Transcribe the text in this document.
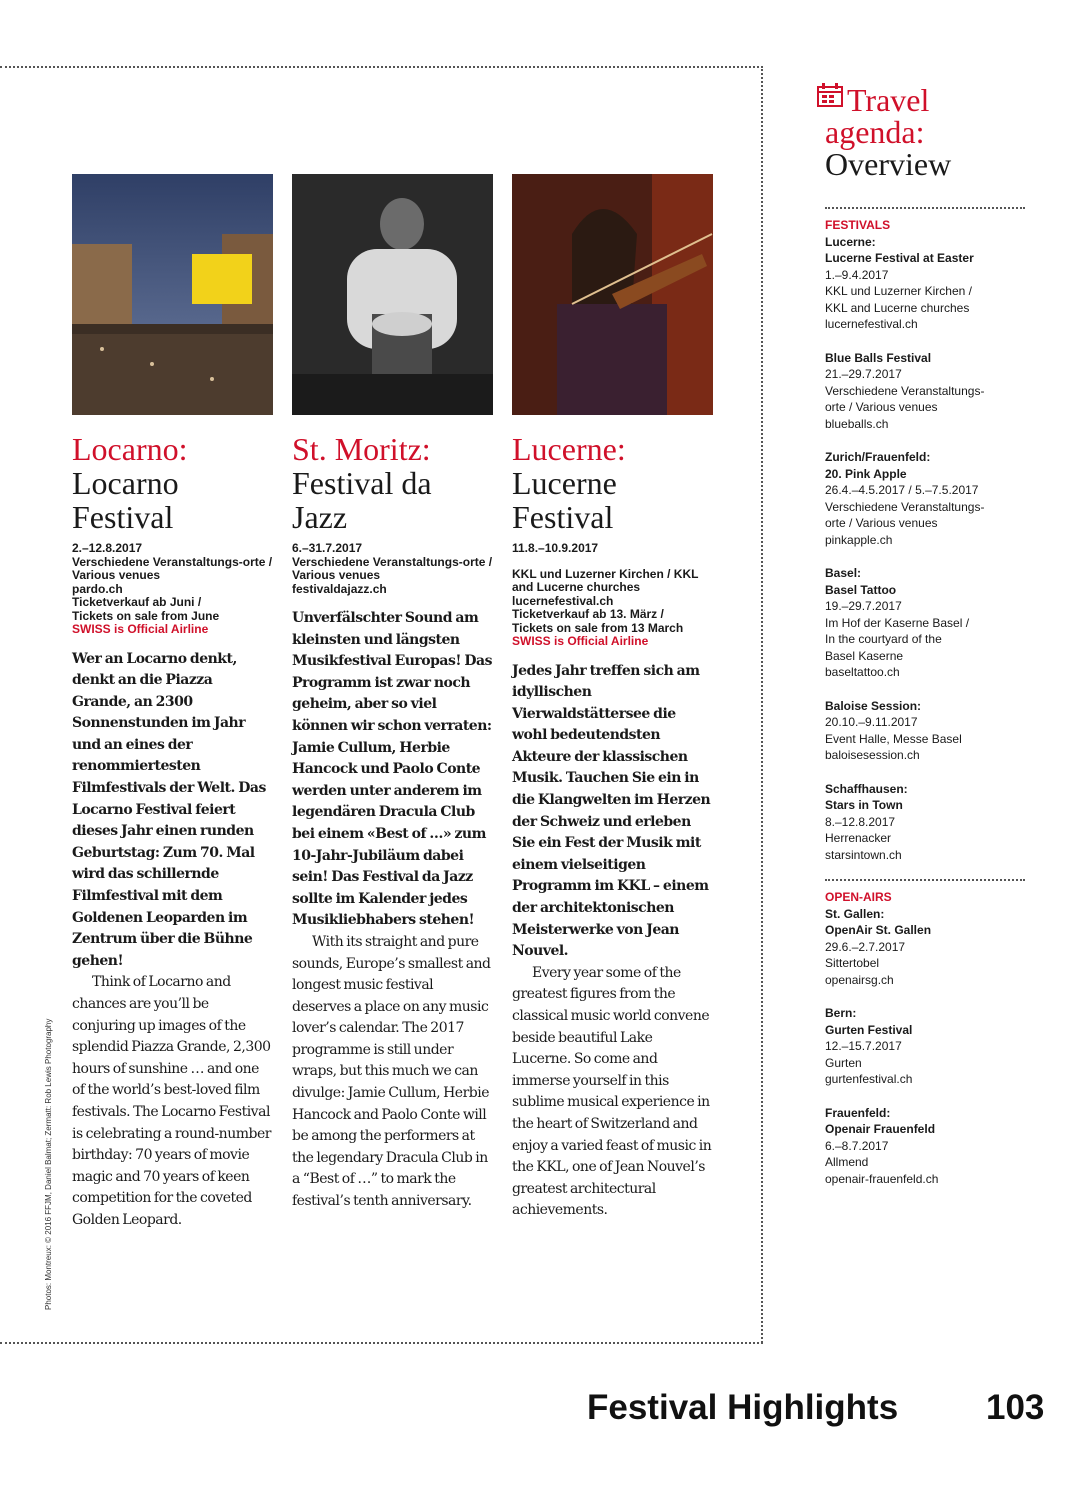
Locarno:
Locarno Festival
2.–12.8.2017
Verschiedene Veranstaltungs-orte / Various venues
pardo.ch
Ticketverkauf ab Juni /
Tickets on sale from June
SWISS is Official Airline

Wer an Locarno denkt, denkt an die Piazza Grande, an 2300 Sonnenstunden im Jahr und an eines der renommiertesten Filmfestivals der Welt. Das Locarno Festival feiert dieses Jahr einen runden Geburtstag: Zum 70. Mal wird das schillernde Filmfestival mit dem Goldenen Leoparden im Zentrum über die Bühne gehen!

Think of Locarno and chances are you’ll be conjuring up images of the splendid Piazza Grande, 2,300 hours of sunshine … and one of the world’s best-loved film festivals. The Locarno Festival is celebrating a round-number birthday: 70 years of movie magic and 70 years of keen competition for the coveted Golden Leopard.

St. Moritz:
Festival da Jazz
6.–31.7.2017
Verschiedene Veranstaltungs-orte / Various venues
festivaldajazz.ch

Unverfälschter Sound am kleinsten und längsten Musikfestival Europas! Das Programm ist zwar noch geheim, aber so viel können wir schon verraten: Jamie Cullum, Herbie Hancock und Paolo Conte werden unter anderem im legendären Dracula Club bei einem «Best of …» zum 10-Jahr-Jubiläum dabei sein! Das Festival da Jazz sollte im Kalender jedes Musikliebhabers stehen!

With its straight and pure sounds, Europe’s smallest and longest music festival deserves a place on any music lover’s calendar. The 2017 programme is still under wraps, but this much we can divulge: Jamie Cullum, Herbie Hancock and Paolo Conte will be among the performers at the legendary Dracula Club in a “Best of …” to mark the festival’s tenth anniversary.

Lucerne:
Lucerne Festival
11.8.–10.9.2017
KKL und Luzerner Kirchen / KKL and Lucerne churches
lucernefestival.ch
Ticketverkauf ab 13. März /
Tickets on sale from 13 March
SWISS is Official Airline

Jedes Jahr treffen sich am idyllischen Vierwaldstättersee die wohl bedeutendsten Akteure der klassischen Musik. Tauchen Sie ein in die Klangwelten im Herzen der Schweiz und erleben Sie ein Fest der Musik mit einem vielseitigen Programm im KKL – einem der architektonischen Meisterwerke von Jean Nouvel.

Every year some of the greatest figures from the classical music world convene beside beautiful Lake Lucerne. So come and immerse yourself in this sublime musical experience in the heart of Switzerland and enjoy a varied feast of music in the KKL, one of Jean Nouvel’s greatest architectural achievements.

Photos: Montreux: © 2016 FFJM, Daniel Balmat; Zermatt: Rob Lewis Photography
Travel
agenda:
Overview
FESTIVALS
Lucerne:
Lucerne Festival at Easter
1.–9.4.2017
KKL und Luzerner Kirchen /
KKL and Lucerne churches
lucernefestival.ch
Blue Balls Festival
21.–29.7.2017
Verschiedene Veranstaltungs-
orte / Various venues
blueballs.ch
Zurich/Frauenfeld:
20. Pink Apple
26.4.–4.5.2017 / 5.–7.5.2017
Verschiedene Veranstaltungs-
orte / Various venues
pinkapple.ch
Basel:
Basel Tattoo
19.–29.7.2017
Im Hof der Kaserne Basel /
In the courtyard of the
Basel Kaserne
baseltattoo.ch
Baloise Session:
20.10.–9.11.2017
Event Halle, Messe Basel
baloisesession.ch
Schaffhausen:
Stars in Town
8.–12.8.2017
Herrenacker
starsintown.ch
OPEN-AIRS
St. Gallen:
OpenAir St. Gallen
29.6.–2.7.2017
Sittertobel
openairsg.ch
Bern:
Gurten Festival
12.–15.7.2017
Gurten
gurtenfestival.ch
Frauenfeld:
Openair Frauenfeld
6.–8.7.2017
Allmend
openair-frauenfeld.ch
Festival Highlights	103
